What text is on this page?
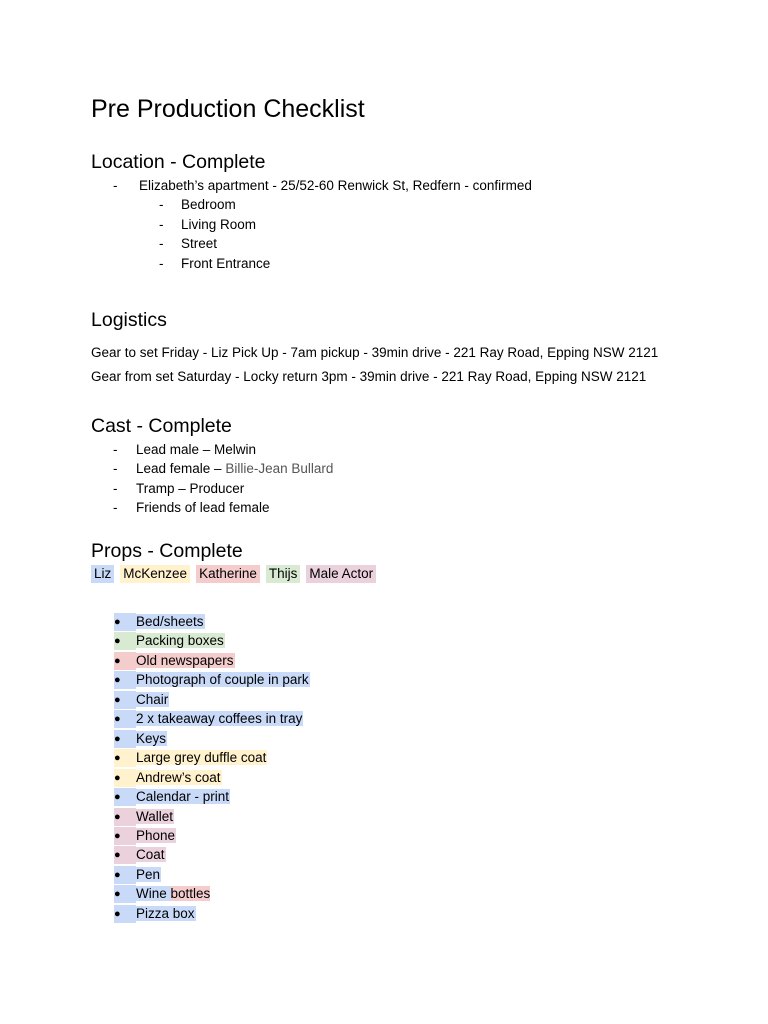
Pre Production Checklist
Location - Complete
- Elizabeth’s apartment - 25/52-60 Renwick St, Redfern - confirmed
- Bedroom
- Living Room
- Street
- Front Entrance
Logistics
Gear to set Friday - Liz Pick Up - 7am pickup - 39min drive - 221 Ray Road, Epping NSW 2121
Gear from set Saturday - Locky return 3pm - 39min drive - 221 Ray Road, Epping NSW 2121
Cast - Complete
- Lead male – Melwin
- Lead female – Billie-Jean Bullard
- Tramp – Producer
- Friends of lead female
Props - Complete
Liz McKenzee Katherine Thijs Male Actor
●	Bed/sheets
●	Packing boxes
●	Old newspapers
●	Photograph of couple in park
●	Chair
●	2 x takeaway coffees in tray
●	Keys
●	Large grey duffle coat
●	Andrew’s coat
●	Calendar - print
●	Wallet
●	Phone
●	Coat
●	Pen
●	Wine bottles
●	Pizza box
